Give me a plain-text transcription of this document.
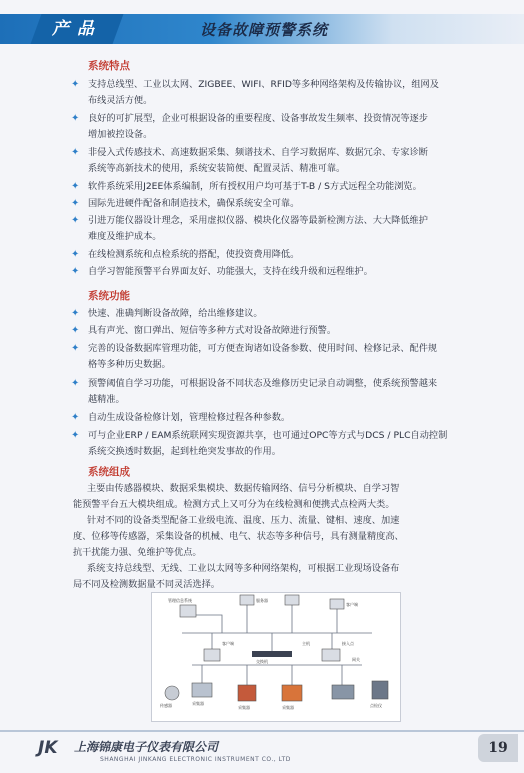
产品	设备故障预警系统
系统特点
✦ 支持总线型、工业以太网、ZIGBEE、WIFI、RFID等多种网络架构及传输协议，组网及
布线灵活方便。
✦ 良好的可扩展型，企业可根据设备的重要程度、设备事故发生频率、投资情况等逐步
增加被控设备。
✦ 非侵入式传感技术、高速数据采集、频谱技术、自学习数据库、数据冗余、专家诊断
系统等高新技术的使用，系统安装简便、配置灵活、精准可靠。
✦ 软件系统采用J2EE体系编制，所有授权用户均可基于T-B / S方式远程全功能浏览。
✦ 国际先进硬件配备和制造技术，确保系统安全可靠。
✦ 引进万能仪器设计理念，采用虚拟仪器、模块化仪器等最新检测方法、大大降低维护
难度及维护成本。
✦ 在线检测系统和点检系统的搭配，使投资费用降低。
✦ 自学习智能预警平台界面友好、功能强大，支持在线升级和远程维护。
系统功能
✦ 快速、准确判断设备故障，给出维修建议。
✦ 具有声光、窗口弹出、短信等多种方式对设备故障进行预警。
✦ 完善的设备数据库管理功能，可方便查询诸如设备参数、使用时间、检修记录、配件规
格等多种历史数据。
✦ 预警阈值自学习功能，可根据设备不同状态及维修历史记录自动调整，使系统预警越来
越精准。
✦ 自动生成设备检修计划，管理检修过程各种参数。
✦ 可与企业ERP / EAM系统联网实现资源共享，也可通过OPC等方式与DCS / PLC自动控制
系统交换透时数据，起到杜绝突发事故的作用。
系统组成
主要由传感器模块、数据采集模块、数据传输网络、信号分析模块、自学习智
能预警平台五大模块组成。检测方式上又可分为在线检测和便携式点检两大类。
针对不同的设备类型配备工业级电流、温度、压力、流量、键相、速度、加速
度、位移等传感器，采集设备的机械、电气、状态等多种信号，具有测量精度高、
抗干扰能力强、免维护等优点。
系统支持总线型、无线、工业以太网等多种网络架构，可根据工业现场设备布
局不同及检测数据量不同灵活选择。
管理信息系统	服务器
客户端
客户端	主机	接入点
交换机	网关
传感器	采集器
采集器	采集器	点检仪
JK 上海锦康电子仪表有限公司
SHANGHAI JINKANG ELECTRONIC INSTRUMENT CO., LTD
19
